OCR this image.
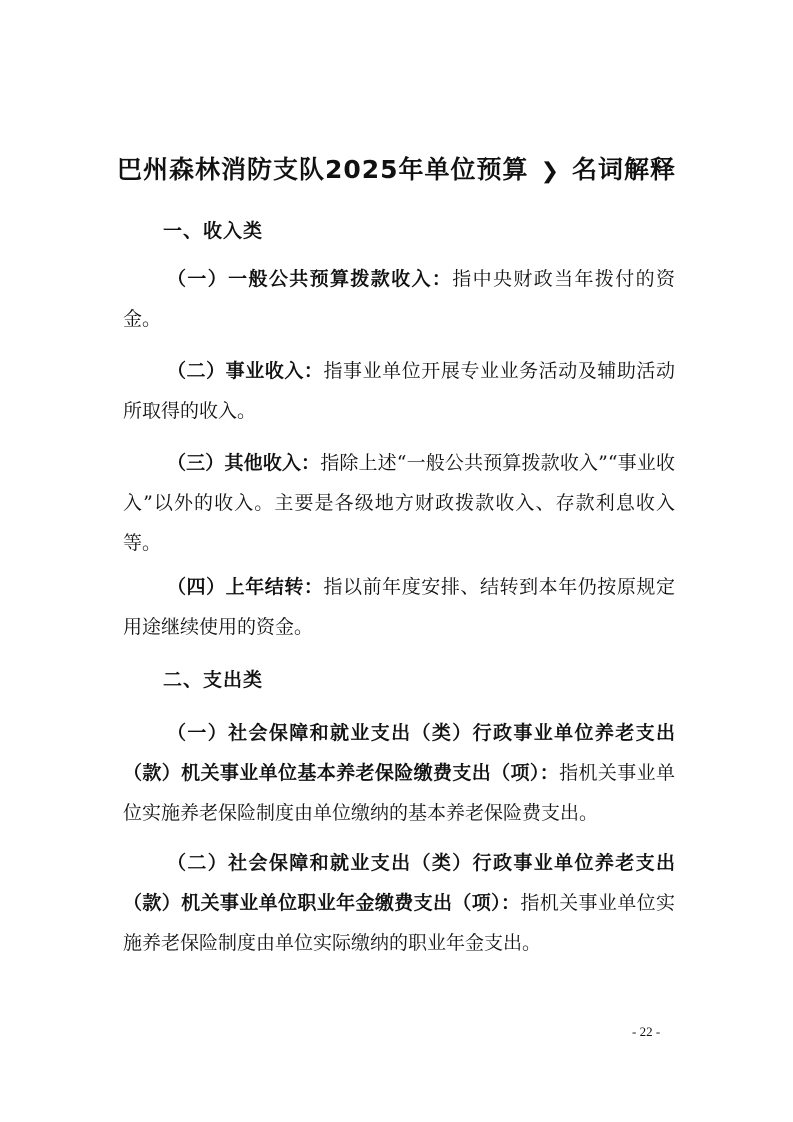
巴州森林消防支队2025年单位预算 ❯ 名词解释
一、收入类
（一）一般公共预算拨款收入：指中央财政当年拨付的资金。
（二）事业收入：指事业单位开展专业业务活动及辅助活动 所取得的收入。
（三）其他收入：指除上述“一般公共预算拨款收入”“事业收入”以外的收入。主要是各级地方财政拨款收入、存款利息收入等。
（四）上年结转：指以前年度安排、结转到本年仍按原规定用途继续使用的资金。
二、支出类
（一）社会保障和就业支出（类）行政事业单位养老支出（款）机关事业单位基本养老保险缴费支出（项）：指机关事业单位实施养老保险制度由单位缴纳的基本养老保险费支出。
（二）社会保障和就业支出（类）行政事业单位养老支出（款）机关事业单位职业年金缴费支出（项）：指机关事业单位实施养老保险制度由单位实际缴纳的职业年金支出。
- 22 -
